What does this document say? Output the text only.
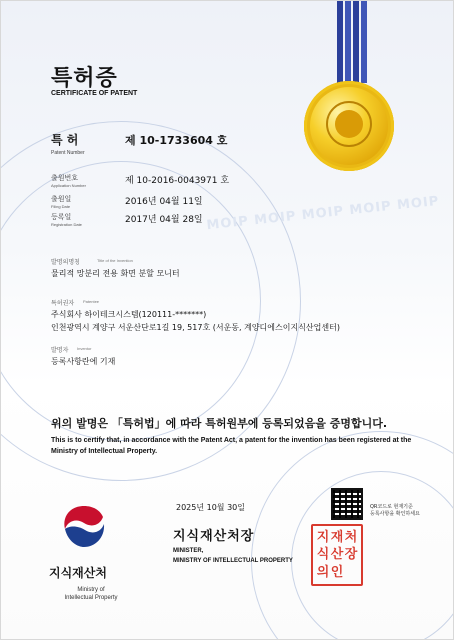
MOIP MOIP MOIP MOIP MOIP
특허증
CERTIFICATE OF PATENT
특 허
Patent Number
제 10-1733604 호
출원번호
Application Number	제 10-2016-0043971 호
출원일
Filing Date	2016년 04월 11일
등록일
Registration Date	2017년 04월 28일
발명의명칭	Title of the Invention
물리적 망분리 전용 화면 분할 모니터
특허권자 Patentee
주식회사 하이테크시스템(120111-*******)
인천광역시 계양구 서운산단로1길 19, 517호 (서운동, 계양디에스이지식산업센터)
발명자 Inventor
등록사항란에 기재
위의 발명은 「특허법」에 따라 특허원부에 등록되었음을 증명합니다.
This is to certify that, in accordance with the Patent Act, a patent for the invention has been registered at the Ministry of Intellectual Property.
2025년 10월 30일	QR코드로 현재기준
등록사항을 확인하세요
지식재산처
Ministry of
Intellectual Property
지식재산처장
MINISTER,
MINISTRY OF INTELLECTUAL PROPERTY
지 재 처
식 산 장
의 인
